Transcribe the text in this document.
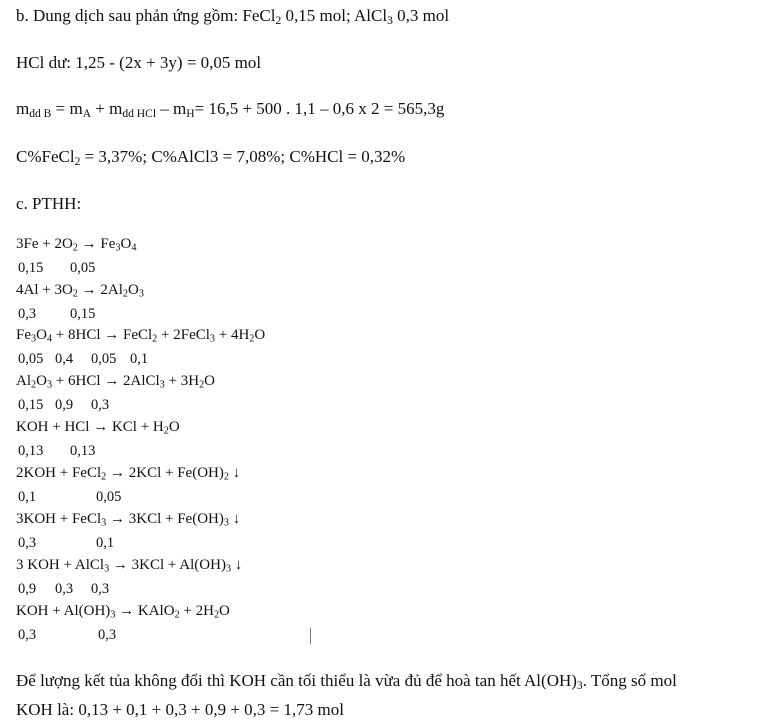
b. Dung dịch sau phản ứng gồm: FeCl$_2$ 0,15 mol; AlCl$_3$ 0,3 mol
HCl dư: 1,25 - (2x + 3y) = 0,05 mol
$m_{dd B} = m_A + m_{dd HCl} - m_H= 16,5 + 500$ . 1,1 – 0,6 x 2 = 565,3g
C%FeCl$_2$ = 3,37%; C%AlCl3 = 7,08%; C%HCl = 0,32%
c. PTHH:
$3Fe + 2O_2 \to Fe_3O_4$
0,15 0,05
$4Al + 3O_2 \to 2Al_2O_3$
0,3 0,15
$Fe_3O_4 + 8HCl$ → FeCl$_2$ + 2FeCl$_3$ + $4H_2O$
0,05 0,4 0,05 0,1
$Al_2O_3 + 6HCl$ → 2AlCl$_3$ + $3H_2O$
0,15 0,9 0,3
KOH + HCl → KCl + $H_2O$
0,13 0,13
2KOH + FeCl$_2$ → $2KCl + Fe(OH)_2$ ↓
0,1	0,05
3KOH + FeCl$_3$ → $3KCl + Fe(OH)_3$ ↓
0,3	0,1
3 KOH + AlCl$_3$ → $3KCl + Al(OH)_3$ ↓
0,9 0,3 0,3
KOH + $Al(OH)_3$ → KAlO$_2$ + $2H_2O$
0,3	0,3
Để lượng kết tủa không đổi thì KOH cần tối thiểu là vừa đủ để hoà tan hết $Al(OH)_3$. Tổng số mol
KOH là: 0,13 + 0,1 + 0,3 + 0,9 + 0,3 = 1,73 mol
